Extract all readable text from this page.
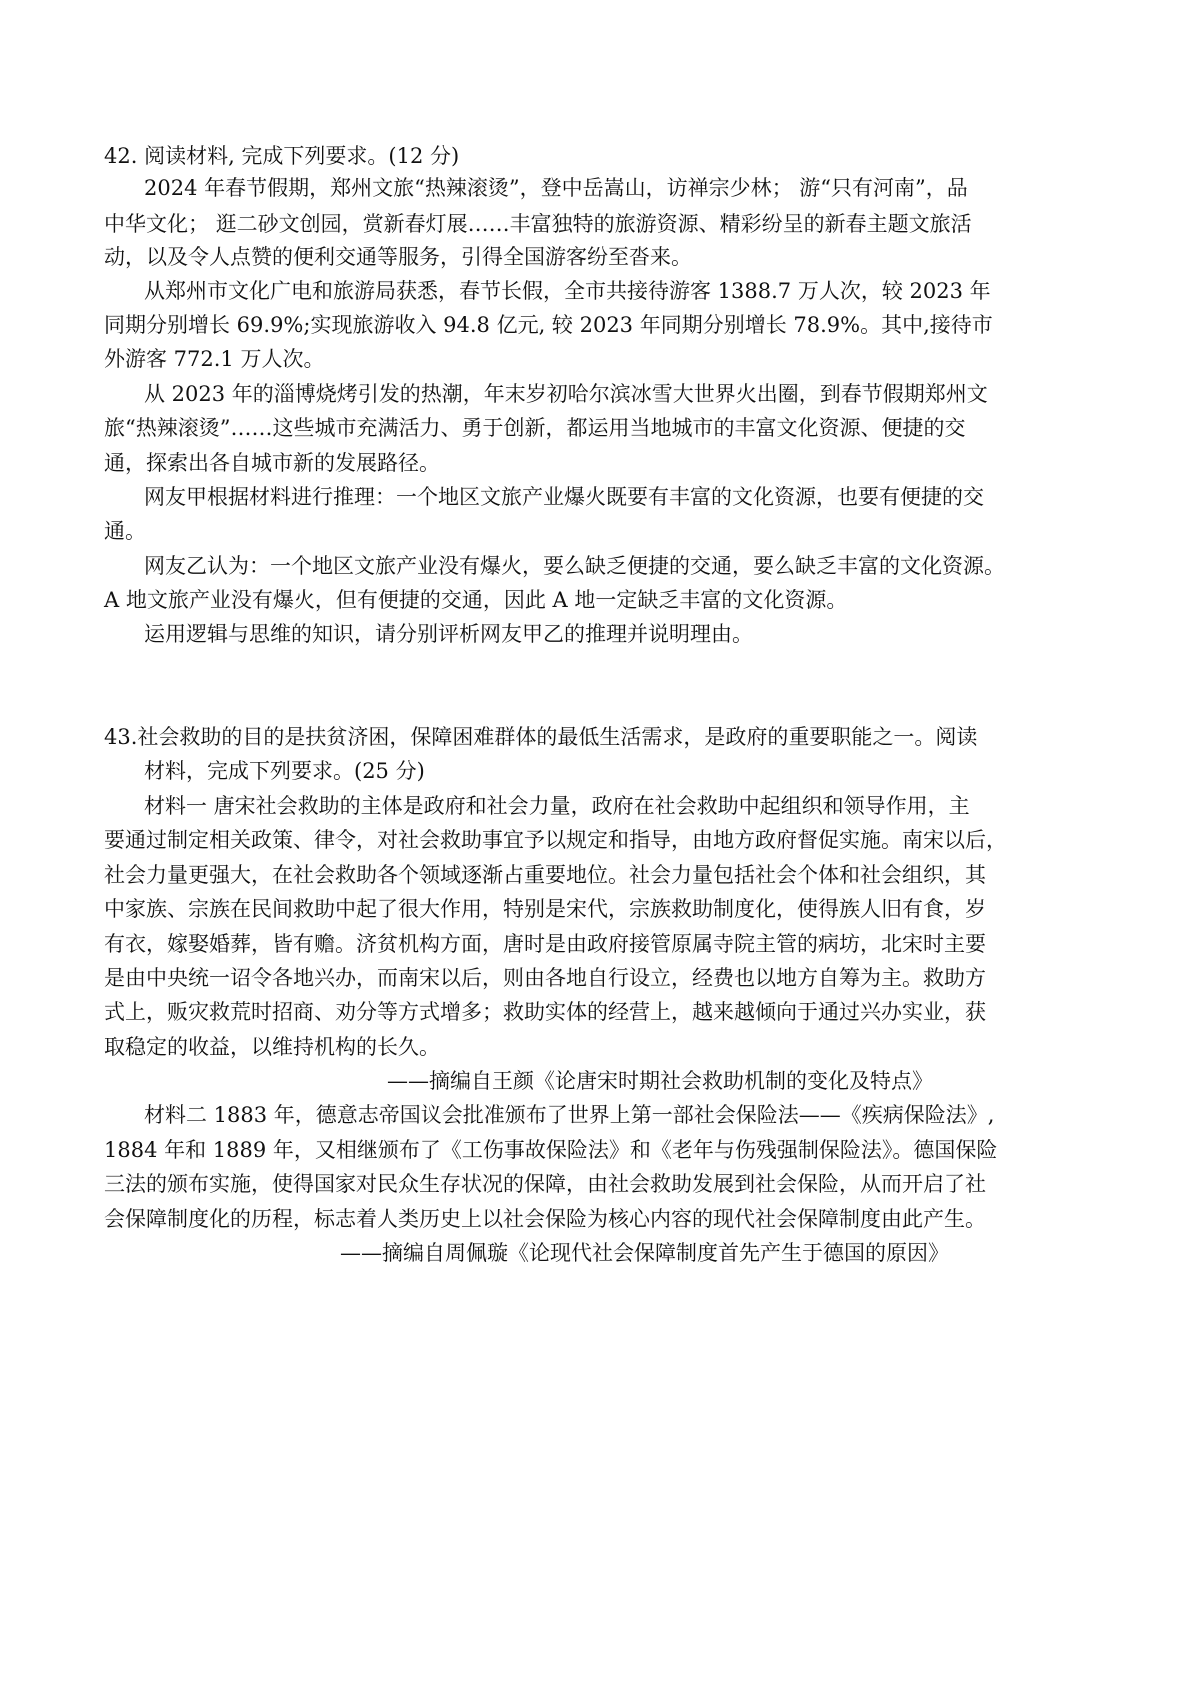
42. 阅读材料, 完成下列要求。(12 分)

2024 年春节假期，郑州文旅“热辣滚烫”，登中岳嵩山，访禅宗少林； 游“只有河南”，品

中华文化； 逛二砂文创园，赏新春灯展……丰富独特的旅游资源、精彩纷呈的新春主题文旅活

动，以及令人点赞的便利交通等服务，引得全国游客纷至沓来。

从郑州市文化广电和旅游局获悉，春节长假，全市共接待游客 1388.7 万人次，较 2023 年

同期分别增长 69.9%;实现旅游收入 94.8 亿元, 较 2023 年同期分别增长 78.9%。其中,接待市

外游客 772.1 万人次。

从 2023 年的淄博烧烤引发的热潮，年末岁初哈尔滨冰雪大世界火出圈，到春节假期郑州文

旅“热辣滚烫”……这些城市充满活力、勇于创新，都运用当地城市的丰富文化资源、便捷的交

通，探索出各自城市新的发展路径。

网友甲根据材料进行推理：一个地区文旅产业爆火既要有丰富的文化资源，也要有便捷的交

通。

网友乙认为：一个地区文旅产业没有爆火，要么缺乏便捷的交通，要么缺乏丰富的文化资源。

A 地文旅产业没有爆火，但有便捷的交通，因此 A 地一定缺乏丰富的文化资源。

运用逻辑与思维的知识，请分别评析网友甲乙的推理并说明理由。

43.社会救助的目的是扶贫济困，保障困难群体的最低生活需求，是政府的重要职能之一。阅读

材料，完成下列要求。(25 分)

材料一 唐宋社会救助的主体是政府和社会力量，政府在社会救助中起组织和领导作用，主

要通过制定相关政策、律令，对社会救助事宜予以规定和指导，由地方政府督促实施。南宋以后，

社会力量更强大，在社会救助各个领域逐渐占重要地位。社会力量包括社会个体和社会组织，其

中家族、宗族在民间救助中起了很大作用，特别是宋代，宗族救助制度化，使得族人旧有食，岁

有衣，嫁娶婚葬，皆有赡。济贫机构方面，唐时是由政府接管原属寺院主管的病坊，北宋时主要

是由中央统一诏令各地兴办，而南宋以后，则由各地自行设立，经费也以地方自筹为主。救助方

式上，贩灾救荒时招商、劝分等方式增多；救助实体的经营上，越来越倾向于通过兴办实业，获

取稳定的收益，以维持机构的长久。

——摘编自王颜《论唐宋时期社会救助机制的变化及特点》

材料二 1883 年，德意志帝国议会批准颁布了世界上第一部社会保险法——《疾病保险法》,

1884 年和 1889 年，又相继颁布了《工伤事故保险法》和《老年与伤残强制保险法》。德国保险

三法的颁布实施，使得国家对民众生存状况的保障，由社会救助发展到社会保险，从而开启了社

会保障制度化的历程，标志着人类历史上以社会保险为核心内容的现代社会保障制度由此产生。

——摘编自周佩璇《论现代社会保障制度首先产生于德国的原因》
